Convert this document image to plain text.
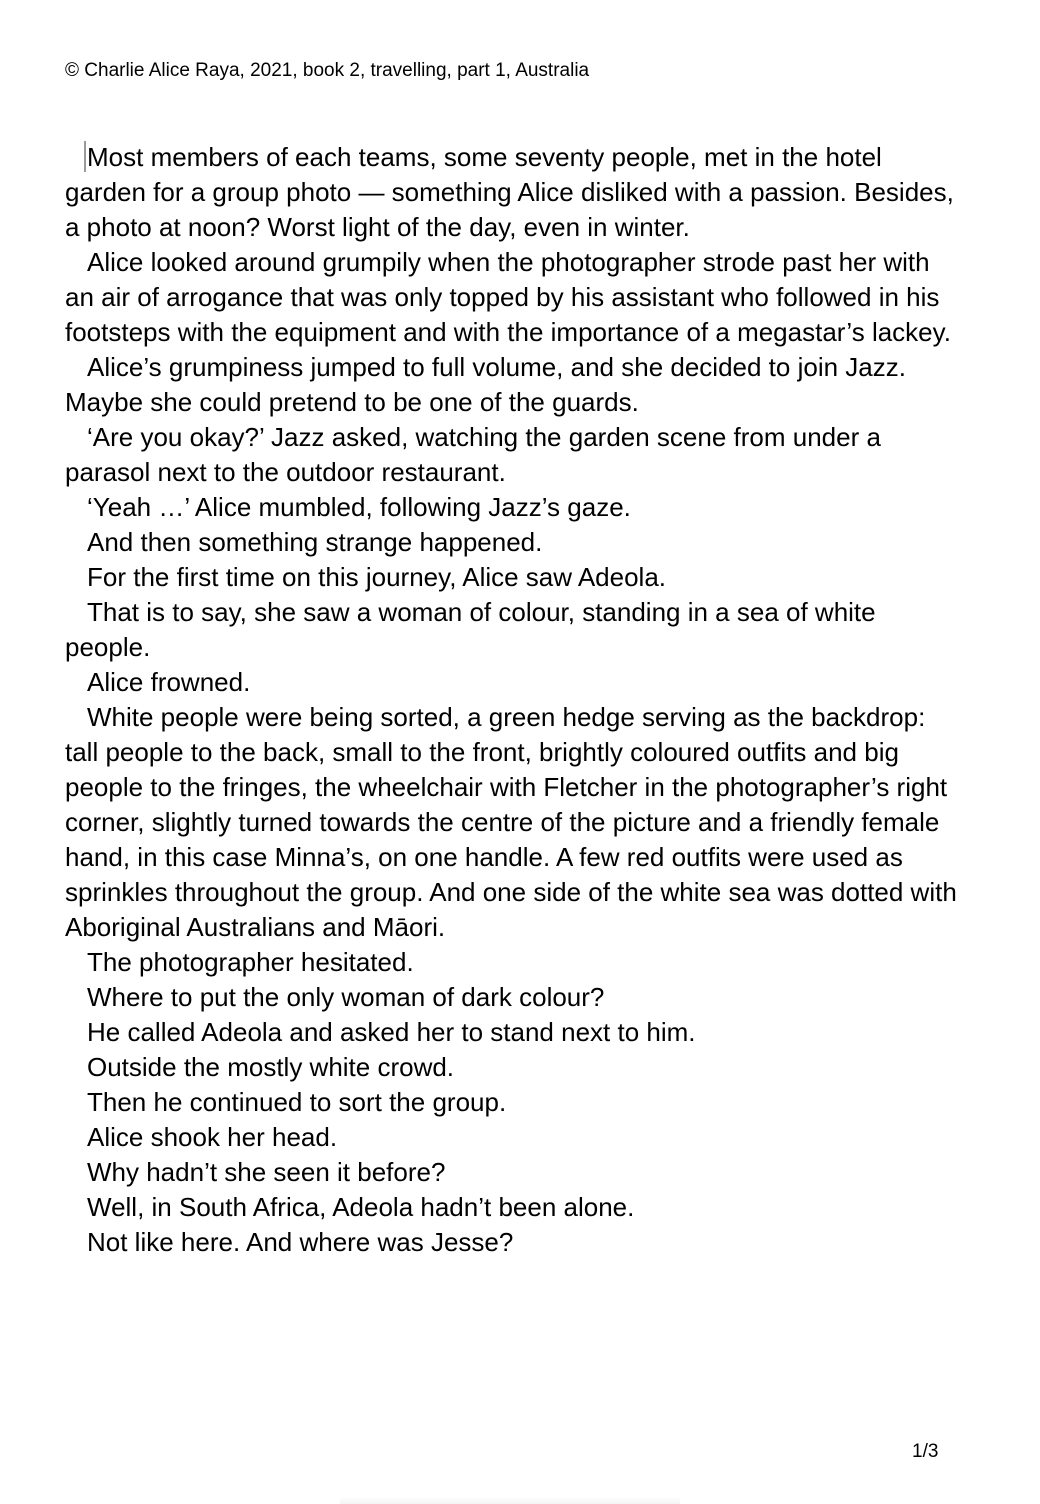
© Charlie Alice Raya, 2021, book 2, travelling, part 1, Australia

Most members of each teams, some seventy people, met in the hotel garden for a group photo — something Alice disliked with a passion. Besides, a photo at noon? Worst light of the day, even in winter.

Alice looked around grumpily when the photographer strode past her with an air of arrogance that was only topped by his assistant who followed in his footsteps with the equipment and with the importance of a megastar’s lackey.

Alice’s grumpiness jumped to full volume, and she decided to join Jazz. Maybe she could pretend to be one of the guards.

‘Are you okay?’ Jazz asked, watching the garden scene from under a parasol next to the outdoor restaurant.

‘Yeah …’ Alice mumbled, following Jazz’s gaze.

And then something strange happened.

For the first time on this journey, Alice saw Adeola.

That is to say, she saw a woman of colour, standing in a sea of white people.

Alice frowned.

White people were being sorted, a green hedge serving as the backdrop: tall people to the back, small to the front, brightly coloured outfits and big people to the fringes, the wheelchair with Fletcher in the photographer’s right corner, slightly turned towards the centre of the picture and a friendly female hand, in this case Minna’s, on one handle. A few red outfits were used as sprinkles throughout the group. And one side of the white sea was dotted with Aboriginal Australians and Māori.

The photographer hesitated.

Where to put the only woman of dark colour?

He called Adeola and asked her to stand next to him.

Outside the mostly white crowd.

Then he continued to sort the group.

Alice shook her head.

Why hadn’t she seen it before?

Well, in South Africa, Adeola hadn’t been alone.

Not like here. And where was Jesse?

1/3
